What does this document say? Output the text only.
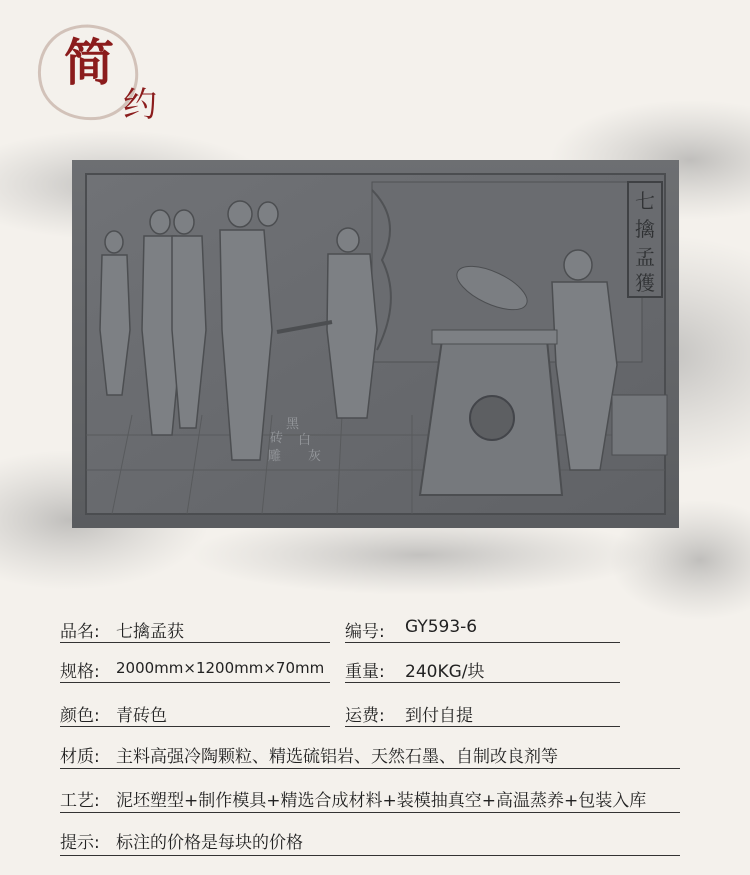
简
约
七
擒
孟
獲
黑
白
灰
砖
雕
品名: 七擒孟获	编号: GY593-6
规格: 2000mm×1200mm×70mm 重量: 240KG/块
颜色: 青砖色	运费: 到付自提
材质: 主料高强冷陶颗粒、精选硫铝岩、天然石墨、自制改良剂等
工艺: 泥坯塑型+制作模具+精选合成材料+装模抽真空+高温蒸养+包装入库
提示: 标注的价格是每块的价格
